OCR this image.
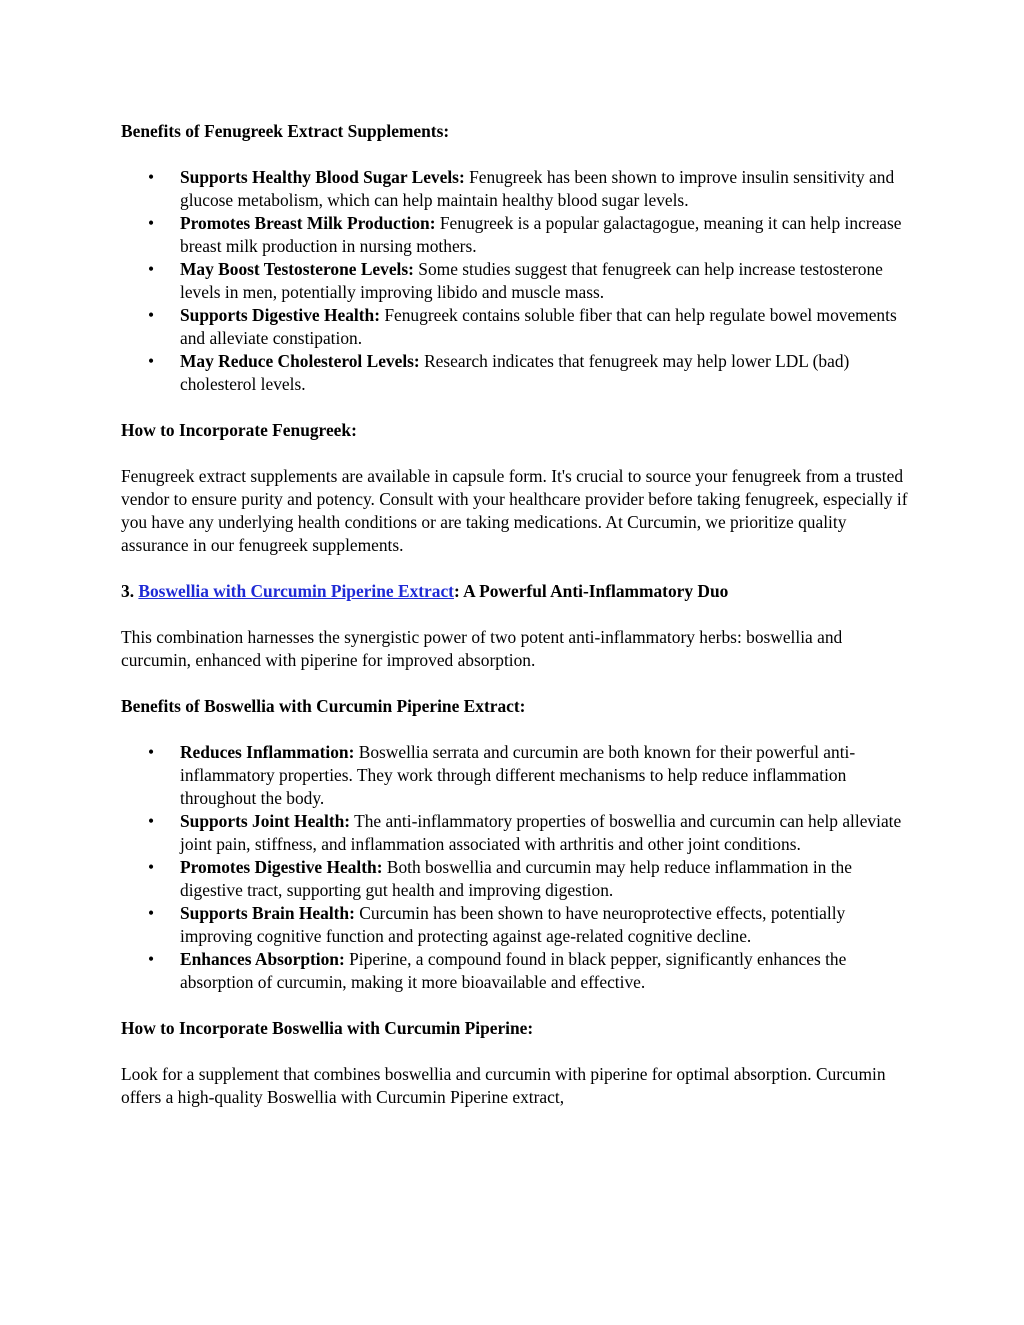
Benefits of Fenugreek Extract Supplements:

• Supports Healthy Blood Sugar Levels: Fenugreek has been shown to improve insulin sensitivity and glucose metabolism, which can help maintain healthy blood sugar levels.
• Promotes Breast Milk Production: Fenugreek is a popular galactagogue, meaning it can help increase breast milk production in nursing mothers.
• May Boost Testosterone Levels: Some studies suggest that fenugreek can help increase testosterone levels in men, potentially improving libido and muscle mass.
• Supports Digestive Health: Fenugreek contains soluble fiber that can help regulate bowel movements and alleviate constipation.
• May Reduce Cholesterol Levels: Research indicates that fenugreek may help lower LDL (bad) cholesterol levels.

How to Incorporate Fenugreek:

Fenugreek extract supplements are available in capsule form. It's crucial to source your fenugreek from a trusted vendor to ensure purity and potency. Consult with your healthcare provider before taking fenugreek, especially if you have any underlying health conditions or are taking medications. At Curcumin, we prioritize quality assurance in our fenugreek supplements.

3. Boswellia with Curcumin Piperine Extract: A Powerful Anti-Inflammatory Duo

This combination harnesses the synergistic power of two potent anti-inflammatory herbs: boswellia and curcumin, enhanced with piperine for improved absorption.

Benefits of Boswellia with Curcumin Piperine Extract:

• Reduces Inflammation: Boswellia serrata and curcumin are both known for their powerful anti-inflammatory properties. They work through different mechanisms to help reduce inflammation throughout the body.
• Supports Joint Health: The anti-inflammatory properties of boswellia and curcumin can help alleviate joint pain, stiffness, and inflammation associated with arthritis and other joint conditions.
• Promotes Digestive Health: Both boswellia and curcumin may help reduce inflammation in the digestive tract, supporting gut health and improving digestion.
• Supports Brain Health: Curcumin has been shown to have neuroprotective effects, potentially improving cognitive function and protecting against age-related cognitive decline.
• Enhances Absorption: Piperine, a compound found in black pepper, significantly enhances the absorption of curcumin, making it more bioavailable and effective.

How to Incorporate Boswellia with Curcumin Piperine:

Look for a supplement that combines boswellia and curcumin with piperine for optimal absorption. Curcumin offers a high-quality Boswellia with Curcumin Piperine extract,
